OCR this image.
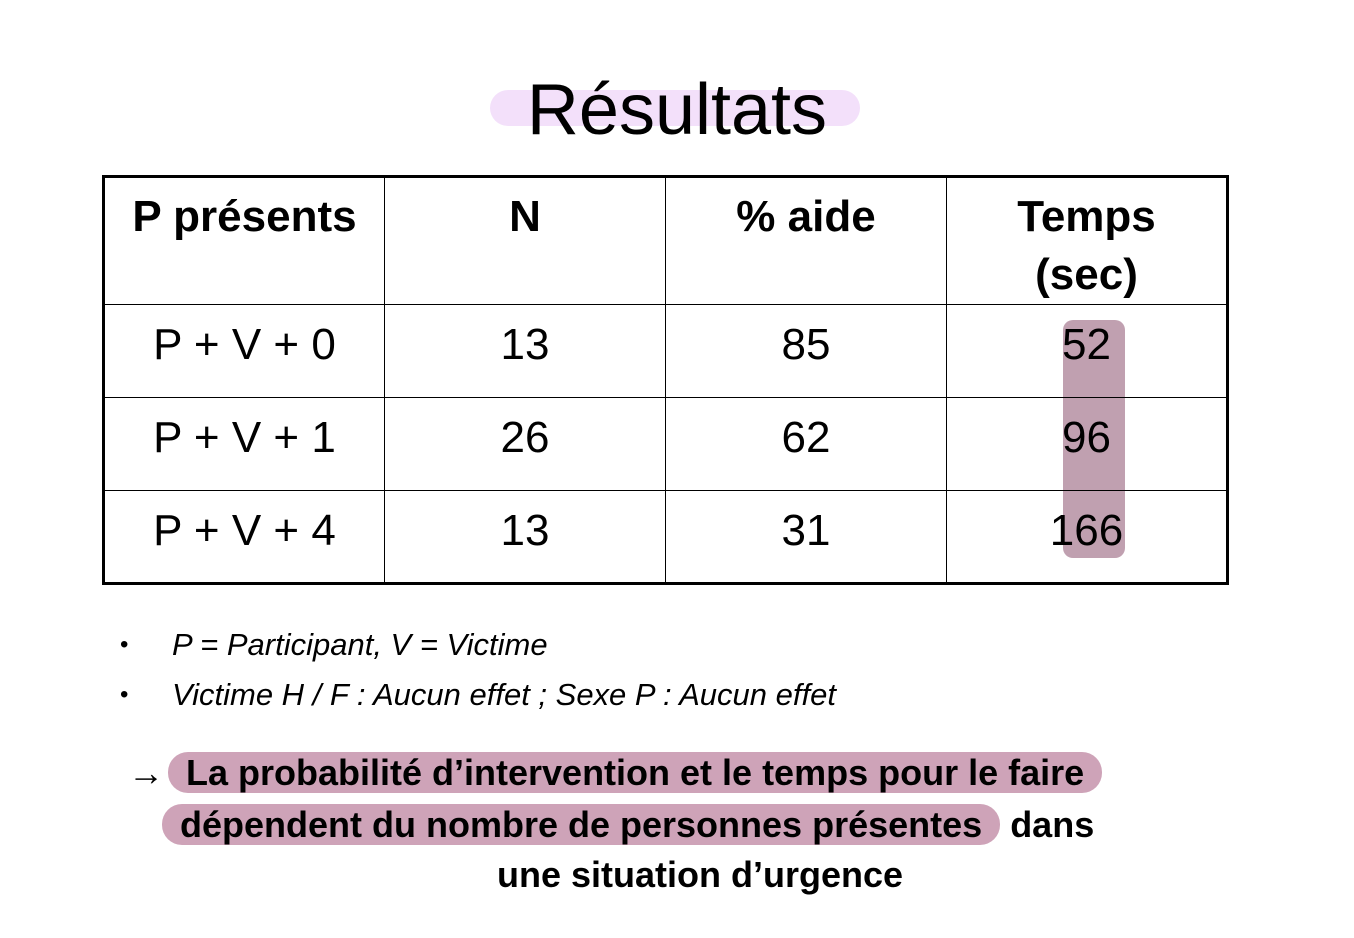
Résultats
P présents	N	% aide	Temps (sec)
P + V + 0	13	85	52
P + V + 1	26	62	96
P + V + 4	13	31	166
•	P = Participant, V = Victime
•	Victime H / F : Aucun effet ; Sexe P : Aucun effet
→ La probabilité d’intervention et le temps pour le faire
dépendent du nombre de personnes présentes dans
une situation d’urgence
